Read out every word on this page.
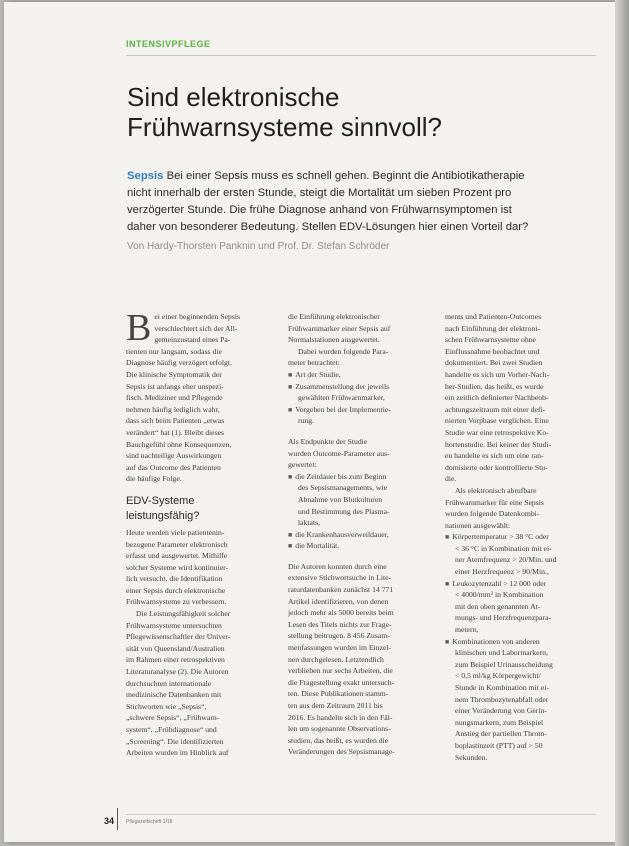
INTENSIVPFLEGE
Sind elektronische
Frühwarnsysteme sinnvoll?
Sepsis Bei einer Sepsis muss es schnell gehen. Beginnt die Antibiotikatherapie
nicht innerhalb der ersten Stunde, steigt die Mortalität um sieben Prozent pro
verzögerter Stunde. Die frühe Diagnose anhand von Frühwarnsymptomen ist
daher von besonderer Bedeutung. Stellen EDV-Lösungen hier einen Vorteil dar?
Von Hardy-Thorsten Panknin und Prof. Dr. Stefan Schröder
B ei einer beginnenden Sepsis
verschlechtert sich der All-
gemeinzustand eines Pa-
tienten nur langsam, sodass die
Diagnose häufig verzögert erfolgt.
Die klinische Symptomatik der
Sepsis ist anfangs eher unspezi-
fisch. Mediziner und Pflegende
nehmen häufig lediglich wahr,
dass sich beim Patienten „etwas
verändert“ hat (1). Bleibt dieses
Bauchgefühl ohne Konsequenzen,
sind nachteilige Auswirkungen
auf das Outcome des Patienten
die häufige Folge.
EDV-Systeme
leistungsfähig?
Heute werden viele patientenin-
bezogene Parameter elektronisch
erfasst und ausgewertet. Mithilfe
solcher Systeme wird kontinuier-
lich versucht, die Identifikation
einer Sepsis durch elektronische
Frühwarnsysteme zu verbessern.
Die Leistungsfähigkeit solcher
Frühwarnsysteme untersuchten
Pflegewissenschaftler der Univer-
sität von Queensland/Australien
im Rahmen einer retrospektiven
Literaturanalyse (2). Die Autoren
durchsuchten internationale
medizinische Datenbanken mit
Stichworten wie „Sepsis“,
„schwere Sepsis“, „Frühwarn-
system“, „Frühdiagnose“ und
„Screening“. Die identifizierten
Arbeiten wurden im Hinblick auf
die Einführung elektronischer
Frühwarnmarker einer Sepsis auf
Normalstationen ausgewertet.
Dabei wurden folgende Para-
meter betrachtet:
■ Art der Studie,
■ Zusammenstellung der jeweils
gewählten Frühwarnmarker,
■ Vorgehen bei der Implementie-
rung.
Als Endpunkte der Studie
wurden Outcome-Parameter aus-
gewertet:
■ die Zeitdauer bis zum Beginn
des Sepsismanagements, wie
Abnahme von Blutkulturen
und Bestimmung des Plasma-
laktats,
■ die Krankenhausverweildauer,
■ die Mortalität.
Die Autoren konnten durch eine
extensive Stichwortsuche in Lite-
raturdatenbanken zunächst 14 771
Artikel identifizieren, von denen
jedoch mehr als 5000 bereits beim
Lesen des Titels nichts zur Frage-
stellung beitrugen. 8 456 Zusam-
menfassungen wurden im Einzel-
nen durchgelesen. Letztendlich
verblieben nur sechs Arbeiten, die
die Fragestellung exakt untersuch-
ten. Diese Publikationen stamm-
ten aus dem Zeitraum 2011 bis
2016. Es handelte sich in den Fäl-
len um sogenannte Observations-
studien, das heißt, es wurden die
Veränderungen des Sepsismanage-
ments und Patienten-Outcomes
nach Einführung der elektroni-
schen Frühwarnsysteme ohne
Einflussnahme beobachtet und
dokumentiert. Bei zwei Studien
handelte es sich um Vorher-Nach-
her-Studien, das heißt, es wurde
ein zeitlich definierter Nachbeob-
achtungszeitraum mit einer defi-
nierten Vorphase verglichen. Eine
Studie war eine retrospektive Ko-
hortenstudie. Bei keiner der Studi-
en handelte es sich um eine ran-
domisierte oder kontrollierte Stu-
die.
Als elektronisch abrufbare
Frühwarnmarker für eine Sepsis
wurden folgende Datenkombi-
nationen ausgewählt:
■ Körpertemperatur > 38 °C oder
< 36 °C in Kombination mit ei-
ner Atemfrequenz > 20/Min. und
einer Herzfrequenz > 90/Min.,
■ Leukozytenzahl > 12 000 oder
< 4000/mm³ in Kombination
mit den oben genannten At-
mungs- und Herzfrequenzpara-
metern,
■ Kombinationen von anderen
klinischen und Labormarkern,
zum Beispiel Urinausscheidung
< 0,5 ml/kg Körpergewicht/
Stunde in Kombination mit ei-
nem Thrombozytenabfall oder
einer Veränderung von Gerin-
nungsmarkern, zum Beispiel
Anstieg der partiellen Throm-
boplastinzeit (PTT) auf > 50
Sekunden.
34 Pflegezeitschrift 1/18
